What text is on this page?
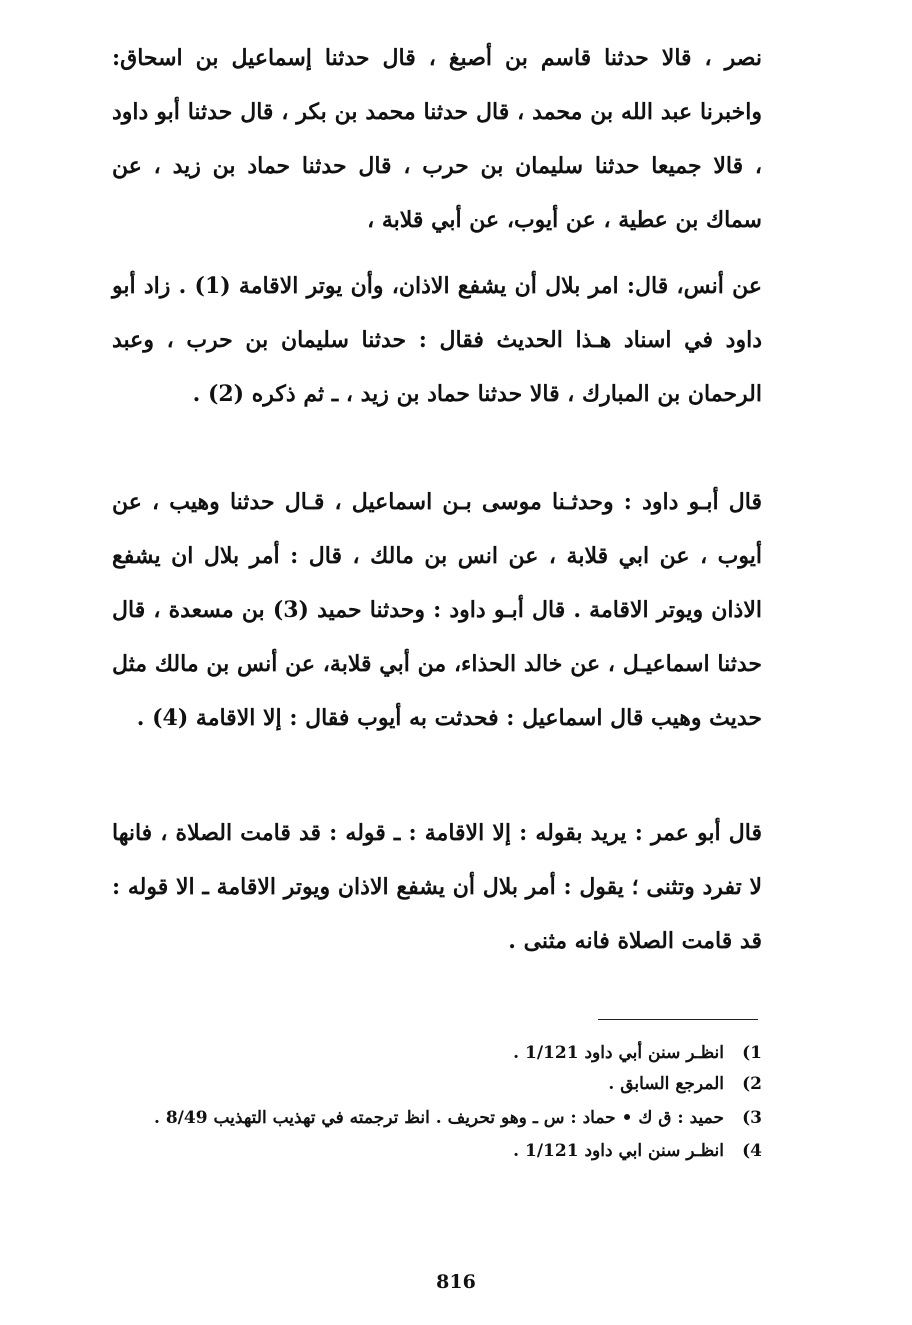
نصر ، قالا حدثنا قاسم بن أصبغ ، قال حدثنا إسماعيل بن اسحاق: واخبرنا عبد الله بن محمد ، قال حدثنا محمد بن بكر ، قال حدثنا أبو داود ، قالا جميعا حدثنا سليمان بن حرب ، قال حدثنا حماد بن زيد ، عن سماك بن عطية ، عن أيوب، عن أبي قلابة ،

عن أنس، قال: امر بلال أن يشفع الاذان، وأن يوتر الاقامة (1) . زاد أبو داود في اسناد هـذا الحديث فقال : حدثنا سليمان بن حرب ، وعبد الرحمان بن المبارك ، قالا حدثنا حماد بن زيد ، ـ ثم ذكره (2) .

قال أبـو داود : وحدثـنا موسى بـن اسماعيل ، قـال حدثنا وهيب ، عن أيوب ، عن ابي قلابة ، عن انس بن مالك ، قال : أمر بلال ان يشفع الاذان ويوتر الاقامة . قال أبـو داود : وحدثنا حميد (3) بن مسعدة ، قال حدثنا اسماعيـل ، عن خالد الحذاء، من أبي قلابة، عن أنس بن مالك مثل حديث وهيب قال اسماعيل : فحدثت به أيوب فقال : إلا الاقامة (4) .

قال أبو عمر : يريد بقوله : إلا الاقامة : ـ قوله : قد قامت الصلاة ، فانها لا تفرد وتثنى ؛ يقول : أمر بلال أن يشفع الاذان ويوتر الاقامة ـ الا قوله : قد قامت الصلاة فانه مثنى .

1)
انظـر سنن أبي داود 1/121 .
2)
المرجع السابق .
3)
حميد : ق ك • حماد : س ـ وهو تحريف . انظ ترجمته في تهذيب التهذيب 8/49 .
4)
انظـر سنن ابي داود 1/121 .
816
